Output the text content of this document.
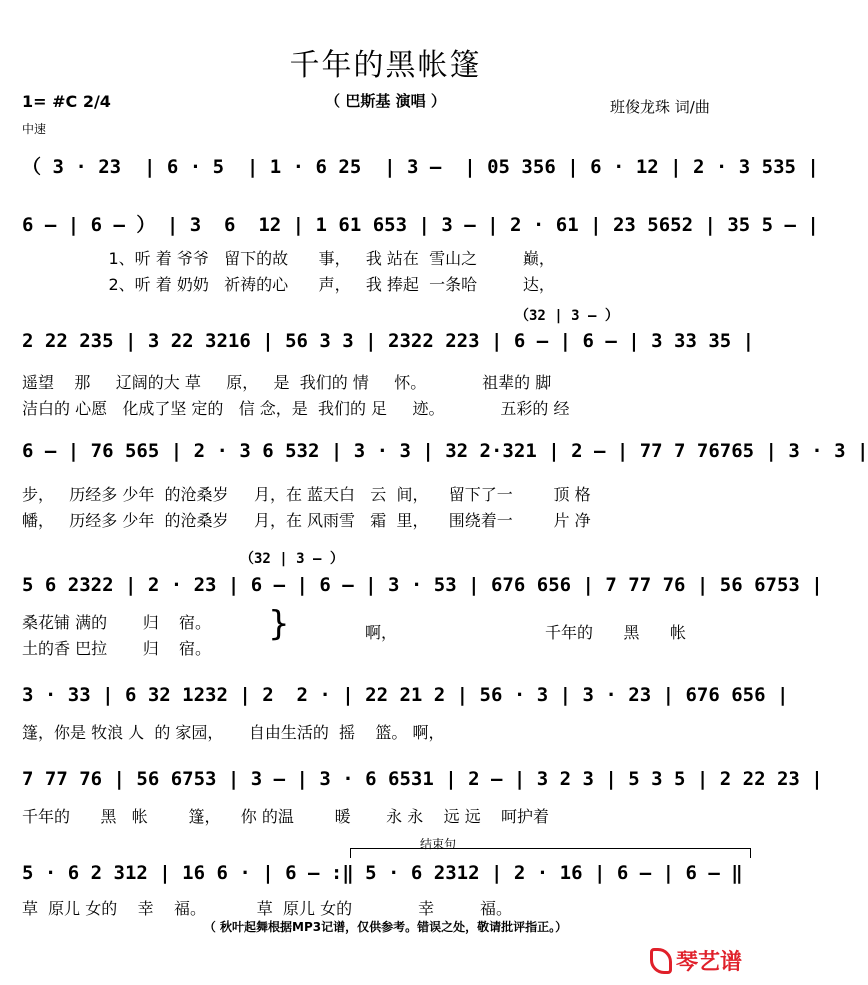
千年的黑帐篷
（ 巴斯基 演唱 ）
1= #C 2/4
中速
班俊龙珠 词/曲
（ 3 · 23  | 6 · 5  | 1 · 6 25  | 3 –  | 05 356 | 6 · 12 | 2 · 3 535 |
6 – | 6 – ） | 3  6  12 | 1 61 653 | 3 – | 2 · 61 | 23 5652 | 35 5 – |
1、听 着 爷爷   留下的故      事，   我 站在  雪山之         巅，
2、听 着 奶奶   祈祷的心      声，   我 捧起  一条哈         达，
（32 | 3 – ）
2 22 235 | 3 22 3216 | 56 3 3 | 2322 223 | 6 – | 6 – | 3 33 35 |
遥望    那     辽阔的大 草     原，   是  我们的 情     怀。           祖辈的 脚
洁白的 心愿   化成了坚 定的   信 念，是  我们的 足     迹。           五彩的 经
6 – | 76 565 | 2 · 3 6 532 | 3 · 3 | 32 2·321 | 2 – | 77 7 76765 | 3 · 3 |
步，   历经多 少年  的沧桑岁     月，在 蓝天白   云  间，    留下了一        顶 格
幡，   历经多 少年  的沧桑岁     月，在 风雨雪   霜  里，    围绕着一        片 净
（32 | 3 – ）
5 6 2322 | 2 · 23 | 6 – | 6 – | 3 · 53 | 676 656 | 7 77 76 | 56 6753 |
桑花铺 满的       归    宿。
土的香 巴拉       归    宿。
}	啊，	千年的      黑      帐
3 · 33 | 6 32 1232 | 2  2 · | 22 21 2 | 56 · 3 | 3 · 23 | 676 656 |
篷，你是 牧浪 人  的 家园，     自由生活的  摇    篮。 啊，
7 77 76 | 56 6753 | 3 – | 3 · 6 6531 | 2 – | 3 2 3 | 5 3 5 | 2 22 23 |
千年的      黑   帐        篷，    你 的温        暖       永 永    远 远    呵护着
结束句
5 · 6 2 312 | 16 6 · | 6 – :‖ 5 · 6 2312 | 2 · 16 | 6 – | 6 – ‖
草  原儿 女的    幸    福。          草  原儿 女的             幸         福。
（ 秋叶起舞根据MP3记谱，仅供参考。错误之处，敬请批评指正。）
琴艺谱
